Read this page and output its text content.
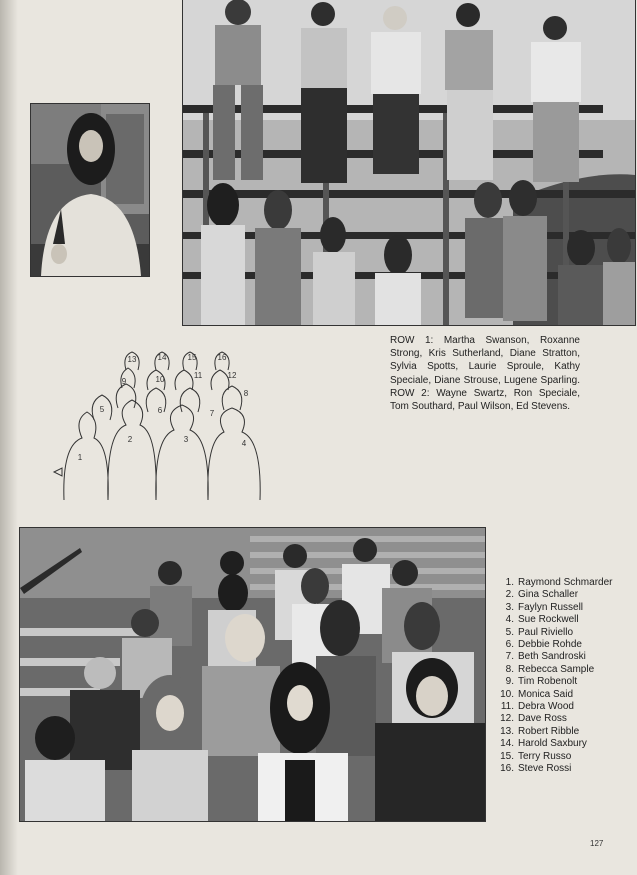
ROW 1: Martha Swanson, Roxanne Strong, Kris Sutherland, Diane Stratton, Sylvia Spotts, Laurie Sproule, Kathy Speciale, Diane Strouse, Lugene Sparling. ROW 2: Wayne Swartz, Ron Speciale, Tom Southard, Paul Wilson, Ed Stevens.
1
2	3	4
5	6	7
8
9	10	11	12
13	14	15	16
1. Raymond Schmarder
2. Gina Schaller
3. Faylyn Russell
4. Sue Rockwell
5. Paul Riviello
6. Debbie Rohde
7. Beth Sandroski
8. Rebecca Sample
9. Tim Robenolt
10. Monica Said
11. Debra Wood
12. Dave Ross
13. Robert Ribble
14. Harold Saxbury
15. Terry Russo
16. Steve Rossi
127
